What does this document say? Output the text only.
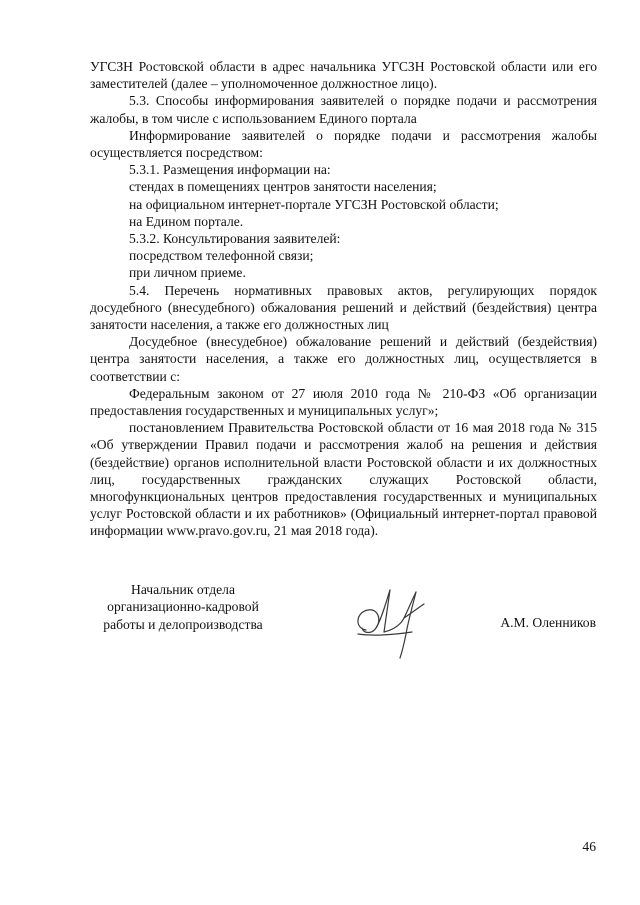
УГСЗН Ростовской области в адрес начальника УГСЗН Ростовской области или его заместителей (далее – уполномоченное должностное лицо).

5.3. Способы информирования заявителей о порядке подачи и рассмотрения жалобы, в том числе с использованием Единого портала

Информирование заявителей о порядке подачи и рассмотрения жалобы осуществляется посредством:

5.3.1. Размещения информации на:

стендах в помещениях центров занятости населения;

на официальном интернет-портале УГСЗН Ростовской области;

на Едином портале.

5.3.2. Консультирования заявителей:

посредством телефонной связи;

при личном приеме.

5.4. Перечень нормативных правовых актов, регулирующих порядок досудебного (внесудебного) обжалования решений и действий (бездействия) центра занятости населения, а также его должностных лиц

Досудебное (внесудебное) обжалование решений и действий (бездействия) центра занятости населения, а также его должностных лиц, осуществляется в соответствии с:

Федеральным законом от 27 июля 2010 года № 210-ФЗ «Об организации предоставления государственных и муниципальных услуг»;

постановлением Правительства Ростовской области от 16 мая 2018 года № 315 «Об утверждении Правил подачи и рассмотрения жалоб на решения и действия (бездействие) органов исполнительной власти Ростовской области и их должностных лиц, государственных гражданских служащих Ростовской области, многофункциональных центров предоставления государственных и муниципальных услуг Ростовской области и их работников» (Официальный интернет-портал правовой информации www.pravo.gov.ru, 21 мая 2018 года).

Начальник отдела
организационно-кадровой
работы и делопроизводства	А.М. Оленников
46
